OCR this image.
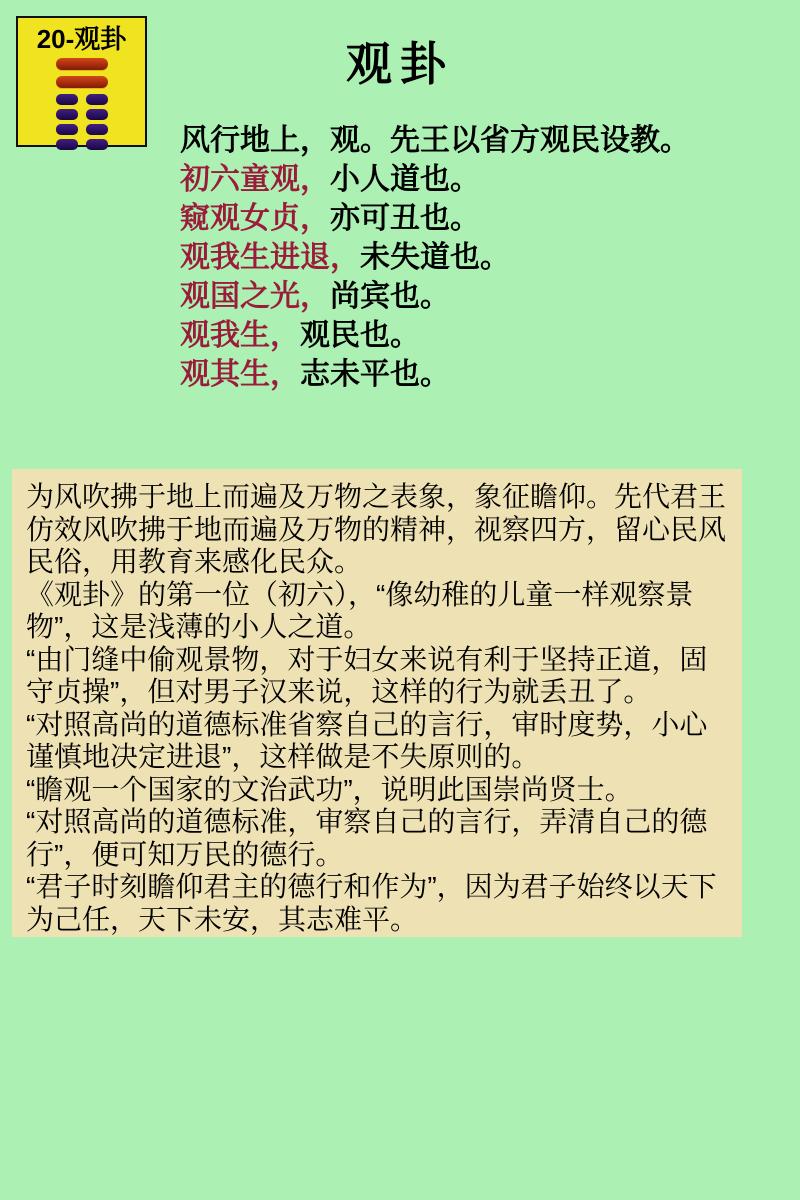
20-观卦	观卦
风行地上，观。先王以省方观民设教。
初六童观，小人道也。
窥观女贞，亦可丑也。
观我生进退，未失道也。
观国之光，尚宾也。
观我生，观民也。
观其生，志未平也。

为风吹拂于地上而遍及万物之表象，象征瞻仰。先代君王仿效风吹拂于地而遍及万物的精神，视察四方，留心民风民俗，用教育来感化民众。

《观卦》的第一位（初六），“像幼稚的儿童一样观察景物”，这是浅薄的小人之道。

“由门缝中偷观景物，对于妇女来说有利于坚持正道，固守贞操”，但对男子汉来说，这样的行为就丢丑了。

“对照高尚的道德标准省察自己的言行，审时度势，小心谨慎地决定进退”，这样做是不失原则的。

“瞻观一个国家的文治武功”，说明此国崇尚贤士。

“对照高尚的道德标准，审察自己的言行，弄清自己的德行”，便可知万民的德行。

“君子时刻瞻仰君主的德行和作为”，因为君子始终以天下为己任，天下未安，其志难平。
